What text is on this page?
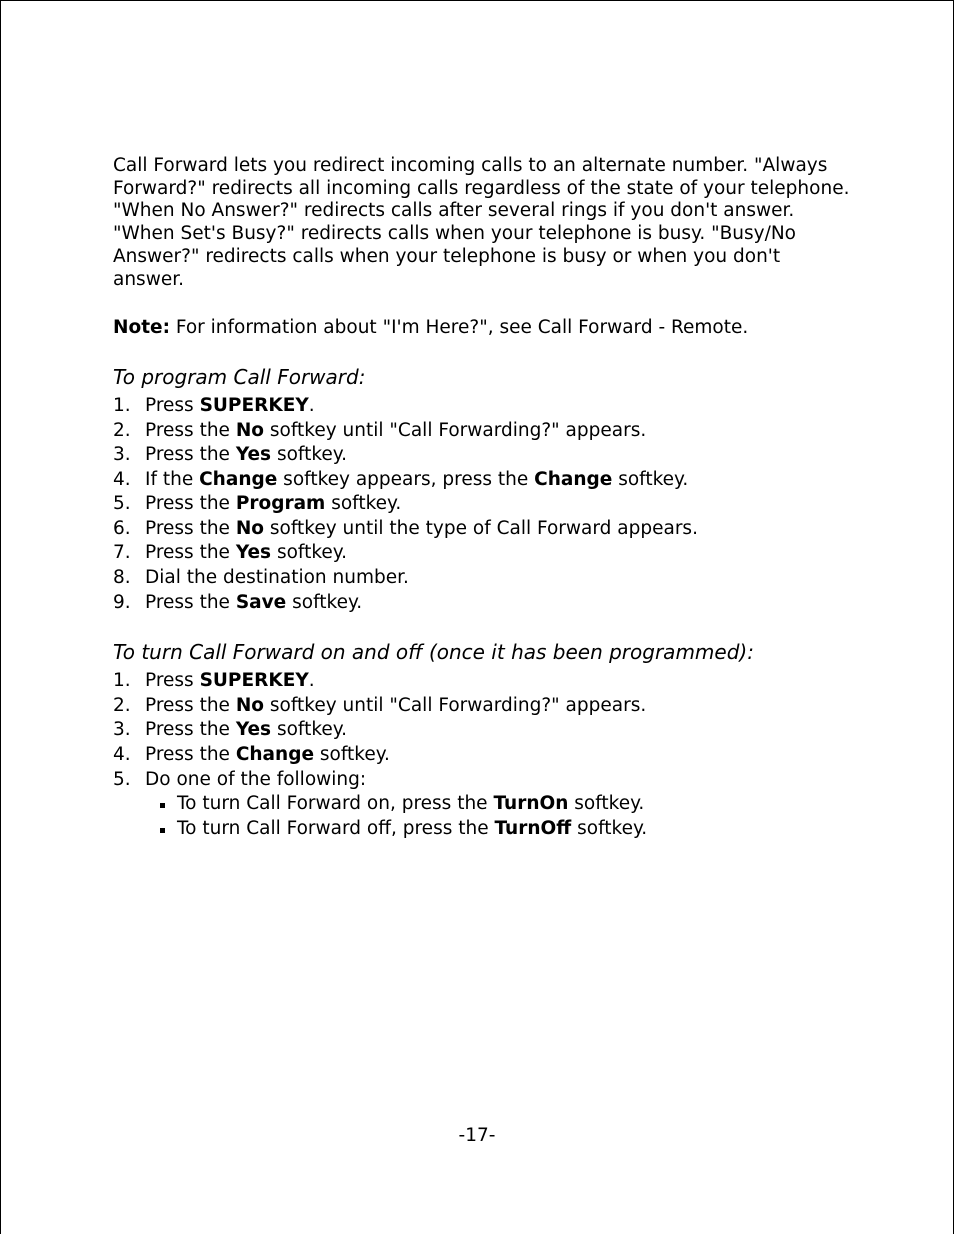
Call Forward lets you redirect incoming calls to an alternate number. "Always Forward?" redirects all incoming calls regardless of the state of your telephone. "When No Answer?" redirects calls after several rings if you don't answer. "When Set's Busy?" redirects calls when your telephone is busy. "Busy/No Answer?" redirects calls when your telephone is busy or when you don't answer.

Note: For information about "I'm Here?", see Call Forward - Remote.

To program Call Forward:

1. Press SUPERKEY.
2. Press the No softkey until "Call Forwarding?" appears.
3. Press the Yes softkey.
4. If the Change softkey appears, press the Change softkey.
5. Press the Program softkey.
6. Press the No softkey until the type of Call Forward appears.
7. Press the Yes softkey.
8. Dial the destination number.
9. Press the Save softkey.

To turn Call Forward on and off (once it has been programmed):

1. Press SUPERKEY.
2. Press the No softkey until "Call Forwarding?" appears.
3. Press the Yes softkey.
4. Press the Change softkey.
5. Do one of the following:
To turn Call Forward on, press the TurnOn softkey.
To turn Call Forward off, press the TurnOff softkey.
-17-
